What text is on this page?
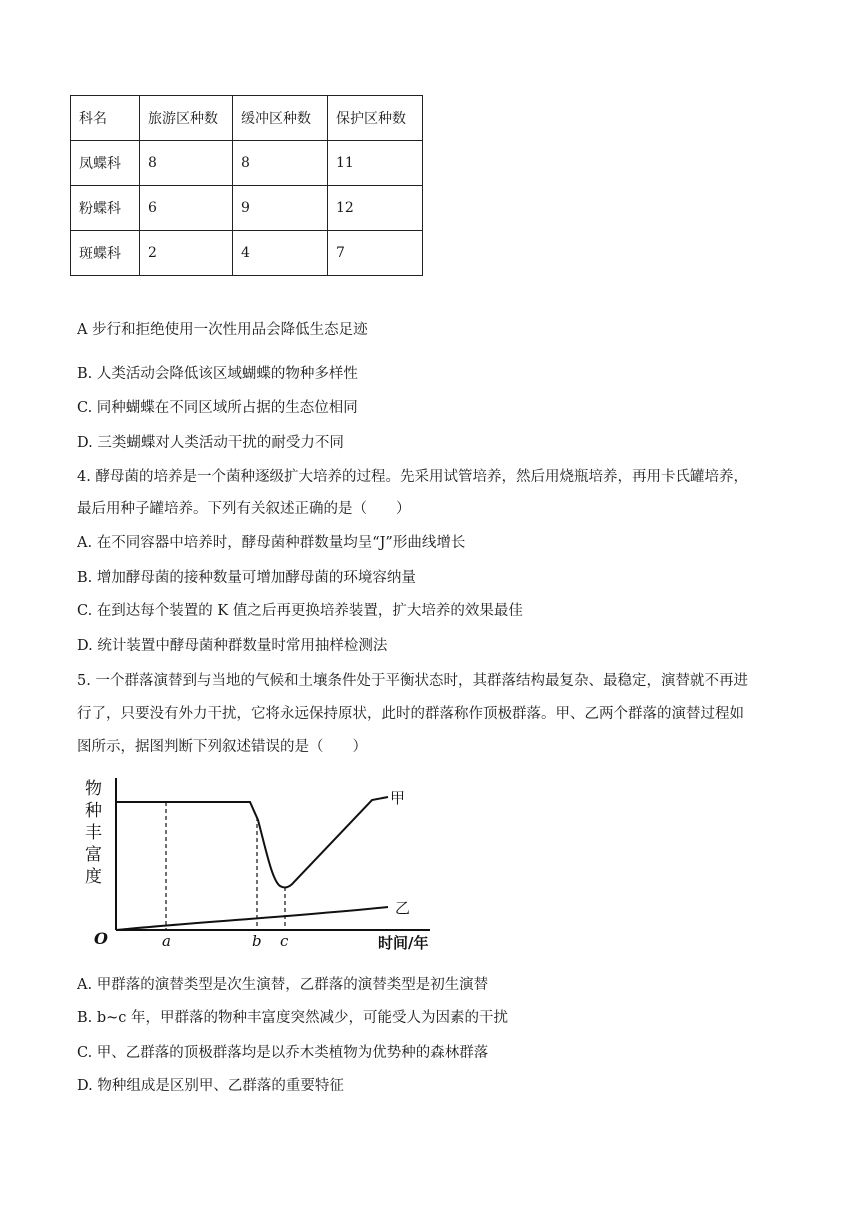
科名	旅游区种数	缓冲区种数	保护区种数
凤蝶科	8	8	11
粉蝶科	6	9	12
斑蝶科	2	4	7
A 步行和拒绝使用一次性用品会降低生态足迹
B. 人类活动会降低该区域蝴蝶的物种多样性
C. 同种蝴蝶在不同区域所占据的生态位相同
D. 三类蝴蝶对人类活动干扰的耐受力不同
4. 酵母菌的培养是一个菌种逐级扩大培养的过程。先采用试管培养，然后用烧瓶培养，再用卡氏罐培养，
最后用种子罐培养。下列有关叙述正确的是（　　）
A. 在不同容器中培养时，酵母菌种群数量均呈“J”形曲线增长
B. 增加酵母菌的接种数量可增加酵母菌的环境容纳量
C. 在到达每个装置的 K 值之后再更换培养装置，扩大培养的效果最佳
D. 统计装置中酵母菌种群数量时常用抽样检测法
5. 一个群落演替到与当地的气候和土壤条件处于平衡状态时，其群落结构最复杂、最稳定，演替就不再进
行了，只要没有外力干扰，它将永远保持原状，此时的群落称作顶极群落。甲、乙两个群落的演替过程如
图所示，据图判断下列叙述错误的是（　　）
物
种
丰
富
度
O	时间/年
a	b c
甲
乙
A. 甲群落的演替类型是次生演替，乙群落的演替类型是初生演替
B. b~c 年，甲群落的物种丰富度突然减少，可能受人为因素的干扰
C. 甲、乙群落的顶极群落均是以乔木类植物为优势种的森林群落
D. 物种组成是区别甲、乙群落的重要特征
